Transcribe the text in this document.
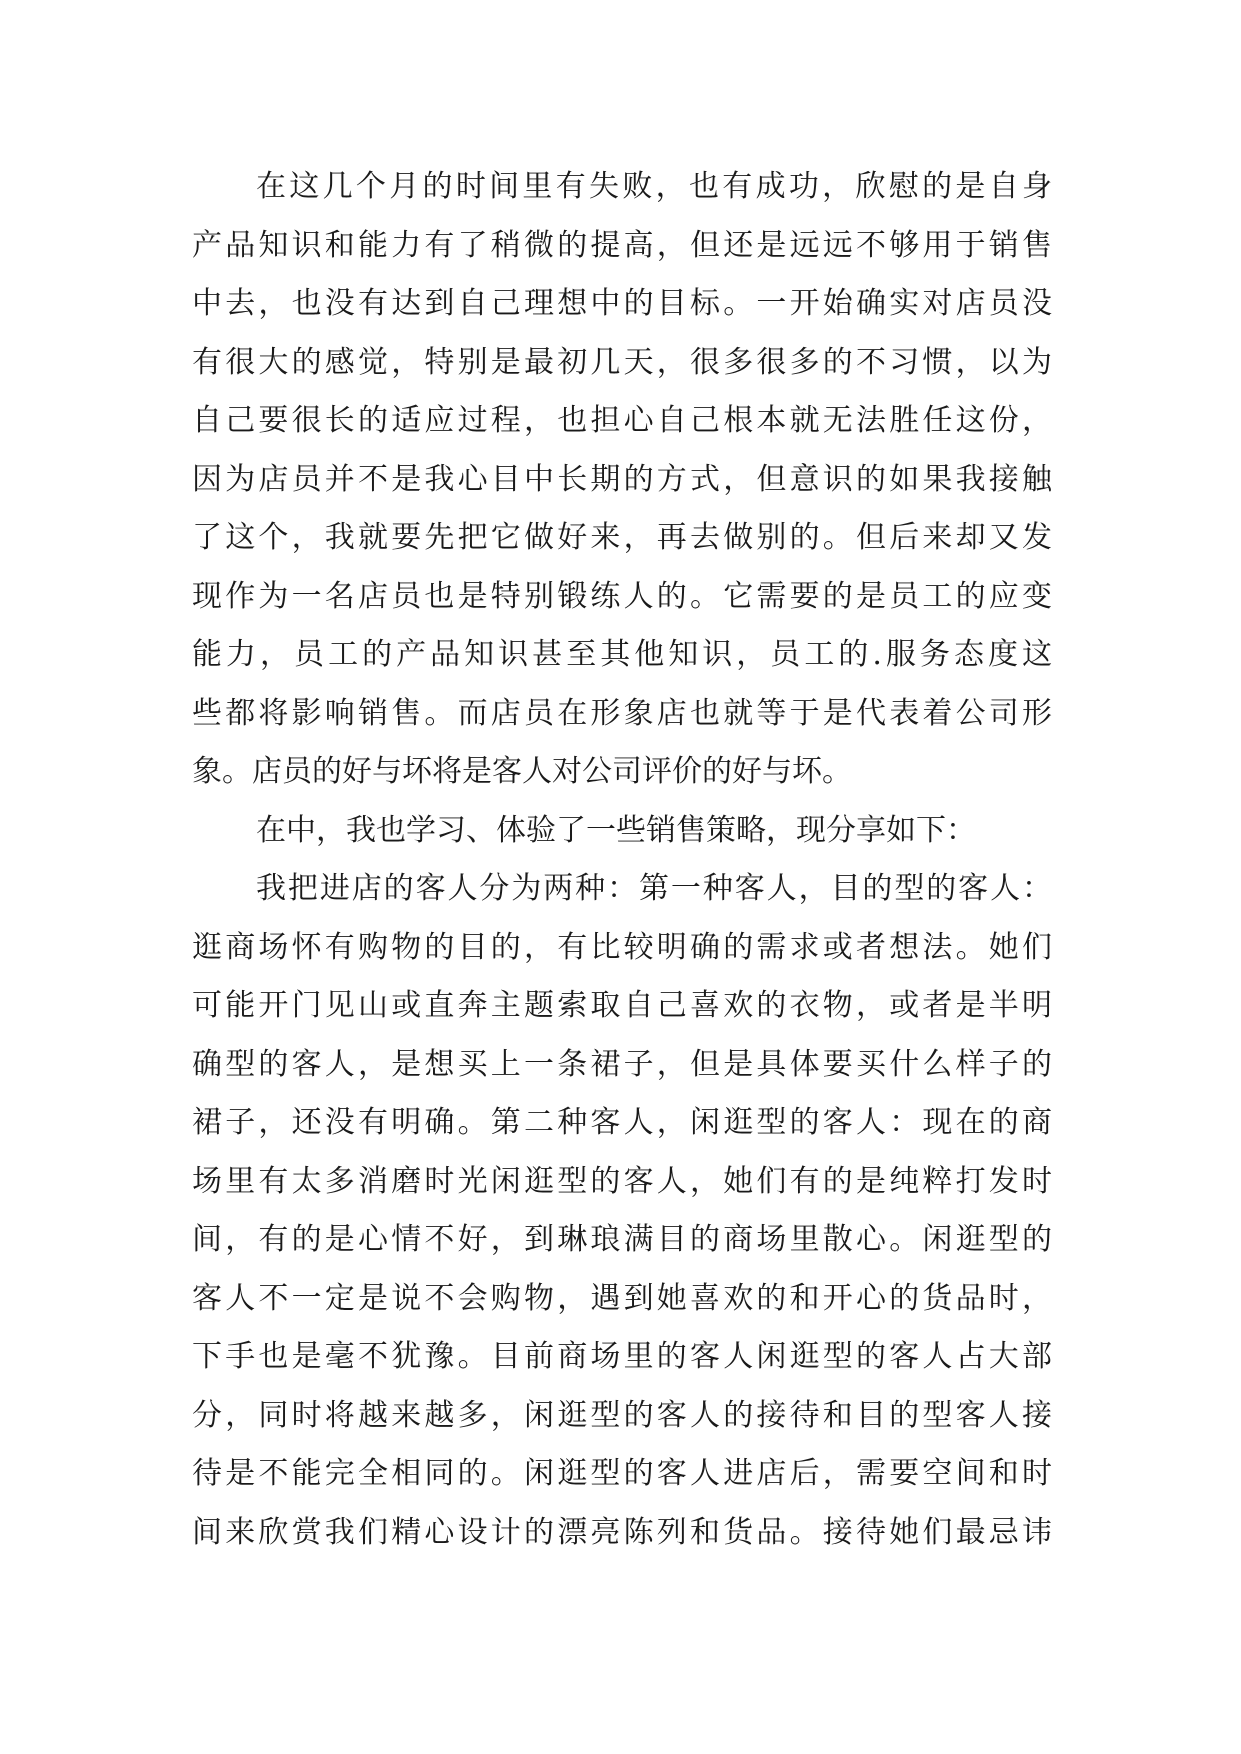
在这几个月的时间里有失败，也有成功，欣慰的是自身
产品知识和能力有了稍微的提高，但还是远远不够用于销售
中去，也没有达到自己理想中的目标。一开始确实对店员没
有很大的感觉，特别是最初几天，很多很多的不习惯，以为
自己要很长的适应过程，也担心自己根本就无法胜任这份，
因为店员并不是我心目中长期的方式，但意识的如果我接触
了这个，我就要先把它做好来，再去做别的。但后来却又发
现作为一名店员也是特别锻练人的。它需要的是员工的应变
能力，员工的产品知识甚至其他知识，员工的.服务态度这
些都将影响销售。而店员在形象店也就等于是代表着公司形
象。店员的好与坏将是客人对公司评价的好与坏。
在中，我也学习、体验了一些销售策略，现分享如下：
我把进店的客人分为两种：第一种客人，目的型的客人：
逛商场怀有购物的目的，有比较明确的需求或者想法。她们
可能开门见山或直奔主题索取自己喜欢的衣物，或者是半明
确型的客人，是想买上一条裙子，但是具体要买什么样子的
裙子，还没有明确。第二种客人，闲逛型的客人：现在的商
场里有太多消磨时光闲逛型的客人，她们有的是纯粹打发时
间，有的是心情不好，到琳琅满目的商场里散心。闲逛型的
客人不一定是说不会购物，遇到她喜欢的和开心的货品时，
下手也是毫不犹豫。目前商场里的客人闲逛型的客人占大部
分，同时将越来越多，闲逛型的客人的接待和目的型客人接
待是不能完全相同的。闲逛型的客人进店后，需要空间和时
间来欣赏我们精心设计的漂亮陈列和货品。接待她们最忌讳
